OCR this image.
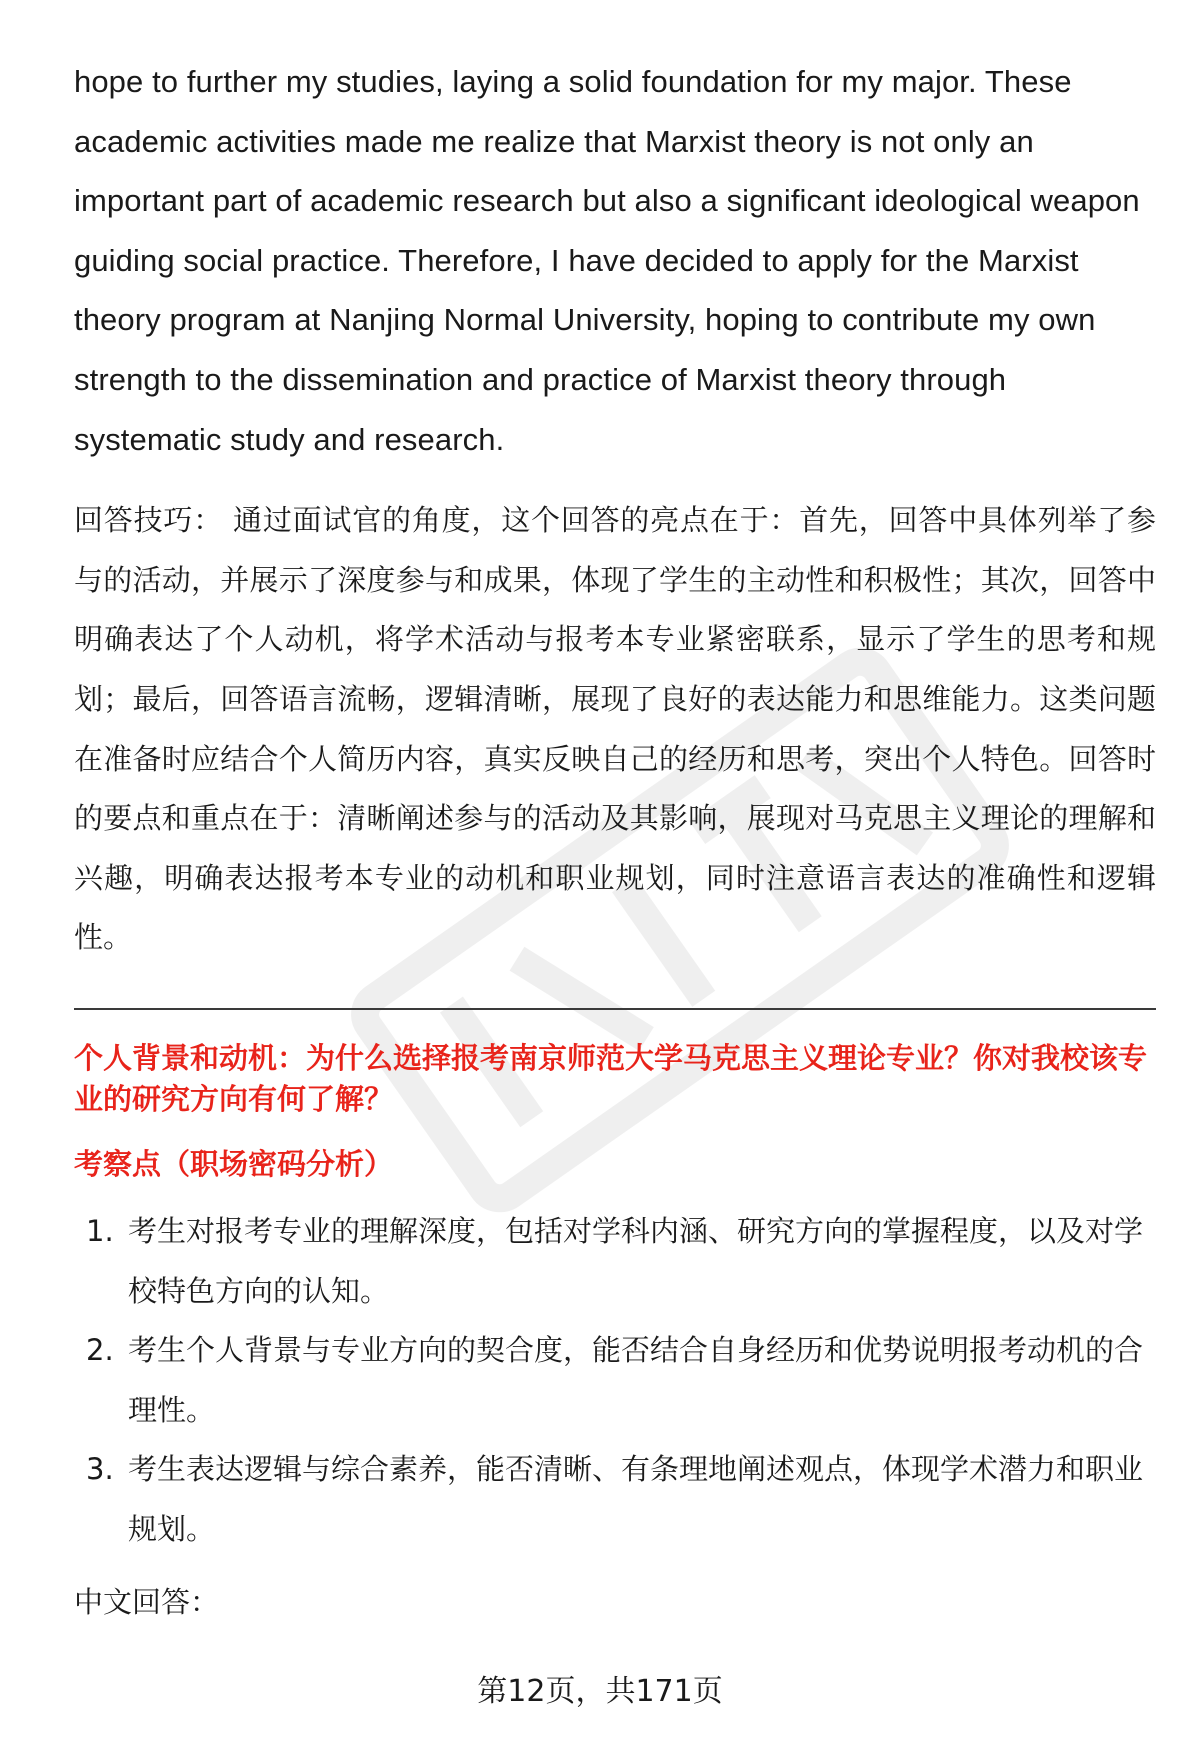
hope to further my studies, laying a solid foundation for my major. These academic activities made me realize that Marxist theory is not only an important part of academic research but also a significant ideological weapon guiding social practice. Therefore, I have decided to apply for the Marxist theory program at Nanjing Normal University, hoping to contribute my own strength to the dissemination and practice of Marxist theory through systematic study and research.

回答技巧： 通过面试官的角度，这个回答的亮点在于：首先，回答中具体列举了参与的活动，并展示了深度参与和成果，体现了学生的主动性和积极性；其次，回答中明确表达了个人动机，将学术活动与报考本专业紧密联系，显示了学生的思考和规划；最后，回答语言流畅，逻辑清晰，展现了良好的表达能力和思维能力。这类问题在准备时应结合个人简历内容，真实反映自己的经历和思考，突出个人特色。回答时的要点和重点在于：清晰阐述参与的活动及其影响，展现对马克思主义理论的理解和兴趣，明确表达报考本专业的动机和职业规划，同时注意语言表达的准确性和逻辑性。

个人背景和动机：为什么选择报考南京师范大学马克思主义理论专业？你对我校该专业的研究方向有何了解？
考察点（职场密码分析）
1. 考生对报考专业的理解深度，包括对学科内涵、研究方向的掌握程度，以及对学校特色方向的认知。
2. 考生个人背景与专业方向的契合度，能否结合自身经历和优势说明报考动机的合理性。
3. 考生表达逻辑与综合素养，能否清晰、有条理地阐述观点，体现学术潜力和职业规划。
中文回答：
第12页，共171页
